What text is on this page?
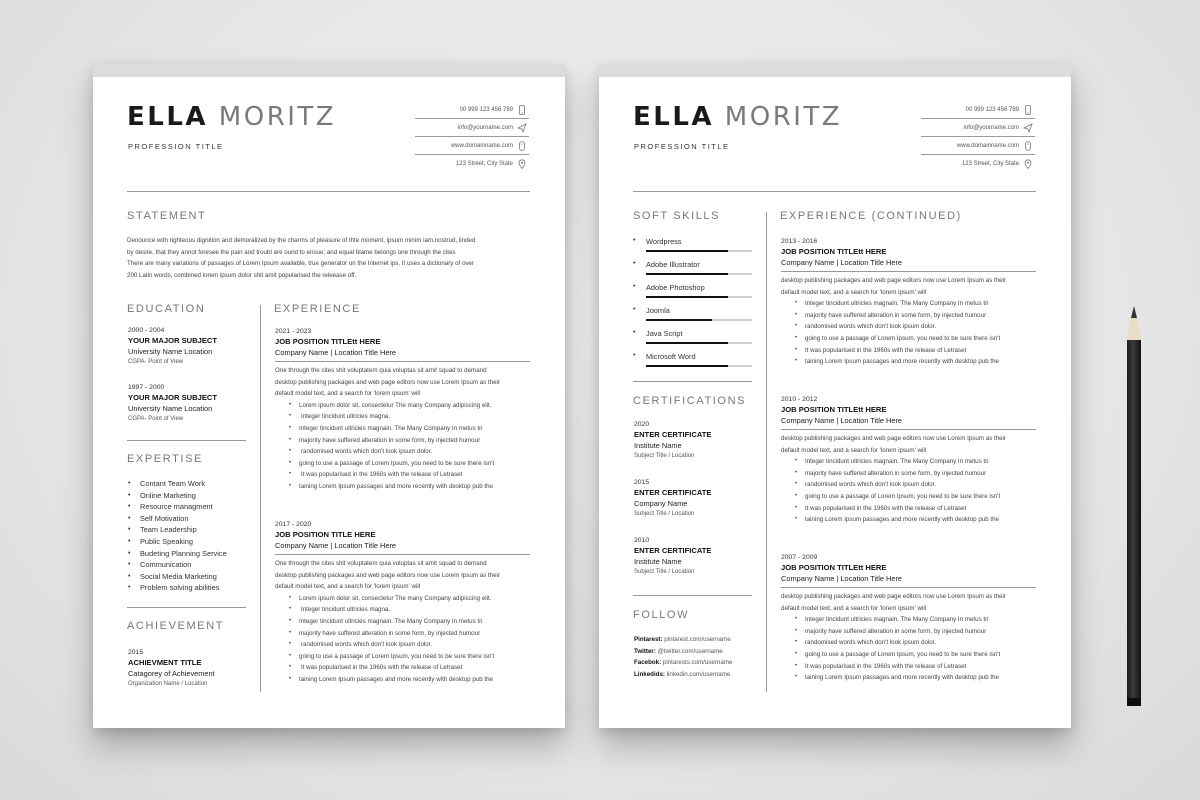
ELLA MORITZ
PROFESSION TITLE
00 999 123 456 789
info@yourname.com
www.domainname.com
123 Street, City State
STATEMENT
Denounce with righteous dignition and demoralized by the charms of pleasure of thte moment, ipsum minim iam,nostrud, linded
by desire, that they annot foresee the pain and troubl are ound to ensue; and equal blame belongs one through the cites
There are many variations of passages of Lorem Ipsum available, true generator on the Internet ips. It uses a dictionary of over
200 Latin words, combined lorem ipsum dolor shit amit popularised the releease off.
EDUCATION
2000 - 2004
YOUR MAJOR SUBJECT
University Name Location
CGPA- Point of View
1997 - 2000
YOUR MAJOR SUBJECT
University Name Location
CGPA- Point of View
EXPERTISE
• Contant Team Work
• Online Marketing
• Resource managment
• Self Motivation
• Team Leadership
• Public Speaking
• Budeting Planning Service
• Communication
• Social Media Marketing
• Problem solving abilities
ACHIEVEMENT
2015
ACHIEVMENT TITLE
Catagorey of Achievement
Organization Name / Location
EXPERIENCE
2021 - 2023
JOB POSITION TITLEtt HERE
Company Name | Location Title Here
One through the cites shit voluptatem quia voluptas sit amit squad to demand
desktop publishing packages and web page editors now use Lorem Ipsum as their
default model text, and a search for 'lorem ipsum' will
• Lorem ipsum dolor sit, consectetur The many Company adipiscing elit.
• Integer tincidunt ultricies magna.
• Integer tincidunt ultricies magnain. The Many Company In metus tri
• majority have suffered alteration in some form, by injected humour
• randomised words which don't look ipsum dolor.
• going to use a passage of Lorem Ipsum, you need to be sure there isn't
• It was popularised in the 1960s with the release of Letraset
• taining Lorem Ipsum passages and more recently with desktop pub the
2017 - 2020
JOB POSITION TITLE HERE
Company Name | Location Title Here
One through the cites shit voluptatem quia voluptas sit amit squad to demand
desktop publishing packages and web page editors now use Lorem Ipsum as their
default model text, and a search for 'lorem ipsum' will
• Lorem ipsum dolor sit, consectetur The many Company adipiscing elit.
• Integer tincidunt ultricies magna.
• Integer tincidunt ultricies magnain. The Many Company In metus tri
• majority have suffered alteration in some form, by injected humour
• randomised words which don't look ipsum dolor.
• going to use a passage of Lorem Ipsum, you need to be sure there isn't
• It was popularised in the 1960s with the release of Letraset
• taining Lorem Ipsum passages and more recently with desktop pub the
ELLA MORITZ
PROFESSION TITLE
00 999 123 456 789
info@yourname.com
www.domainname.com
123 Street, City State
SOFT SKILLS
• Wordpress
• Adobe Illustrator
• Adobe Photoshop
• Joomla
• Java Script
• Microsoft Word
CERTIFICATIONS
2020
ENTER CERTIFICATE
Institute Name
Subject Title / Location
2015
ENTER CERTIFICATE
Company Name
Subject Title / Location
2010
ENTER CERTIFICATE
Institute Name
Subject Title / Location
FOLLOW
Pintarest: pintarest.com/username
Twitter: @twitter.com/username
Facebok: pintarests.com/username
Linkedids: linkedin.com/username
EXPERIENCE (CONTINUED)
2013 - 2016
JOB POSITION TITLEtt HERE
Company Name | Location Title Here
desktop publishing packages and web page editors now use Lorem Ipsum as their
default model text, and a search for 'lorem ipsum' will
• Integer tincidunt ultricies magnain. The Many Company In metus tri
• majority have suffered alteration in some form, by injected humour
• randomised words which don't look ipsum dolor.
• going to use a passage of Lorem Ipsum, you need to be sure there isn't
• It was popularised in the 1960s with the release of Letraset
• taining Lorem Ipsum passages and more recently with desktop pub the
2010 - 2012
JOB POSITION TITLEtt HERE
Company Name | Location Title Here
desktop publishing packages and web page editors now use Lorem Ipsum as their
default model text, and a search for 'lorem ipsum' will
• Integer tincidunt ultricies magnain. The Many Company In metus tri
• majority have suffered alteration in some form, by injected humour
• randomised words which don't look ipsum dolor.
• going to use a passage of Lorem Ipsum, you need to be sure there isn't
• It was popularised in the 1960s with the release of Letraset
• taining Lorem Ipsum passages and more recently with desktop pub the
2007 - 2009
JOB POSITION TITLEtt HERE
Company Name | Location Title Here
desktop publishing packages and web page editors now use Lorem Ipsum as their
default model text, and a search for 'lorem ipsum' will
• Integer tincidunt ultricies magnain. The Many Company In metus tri
• majority have suffered alteration in some form, by injected humour
• randomised words which don't look ipsum dolor.
• going to use a passage of Lorem Ipsum, you need to be sure there isn't
• It was popularised in the 1960s with the release of Letraset
• taining Lorem Ipsum passages and more recently with desktop pub the
